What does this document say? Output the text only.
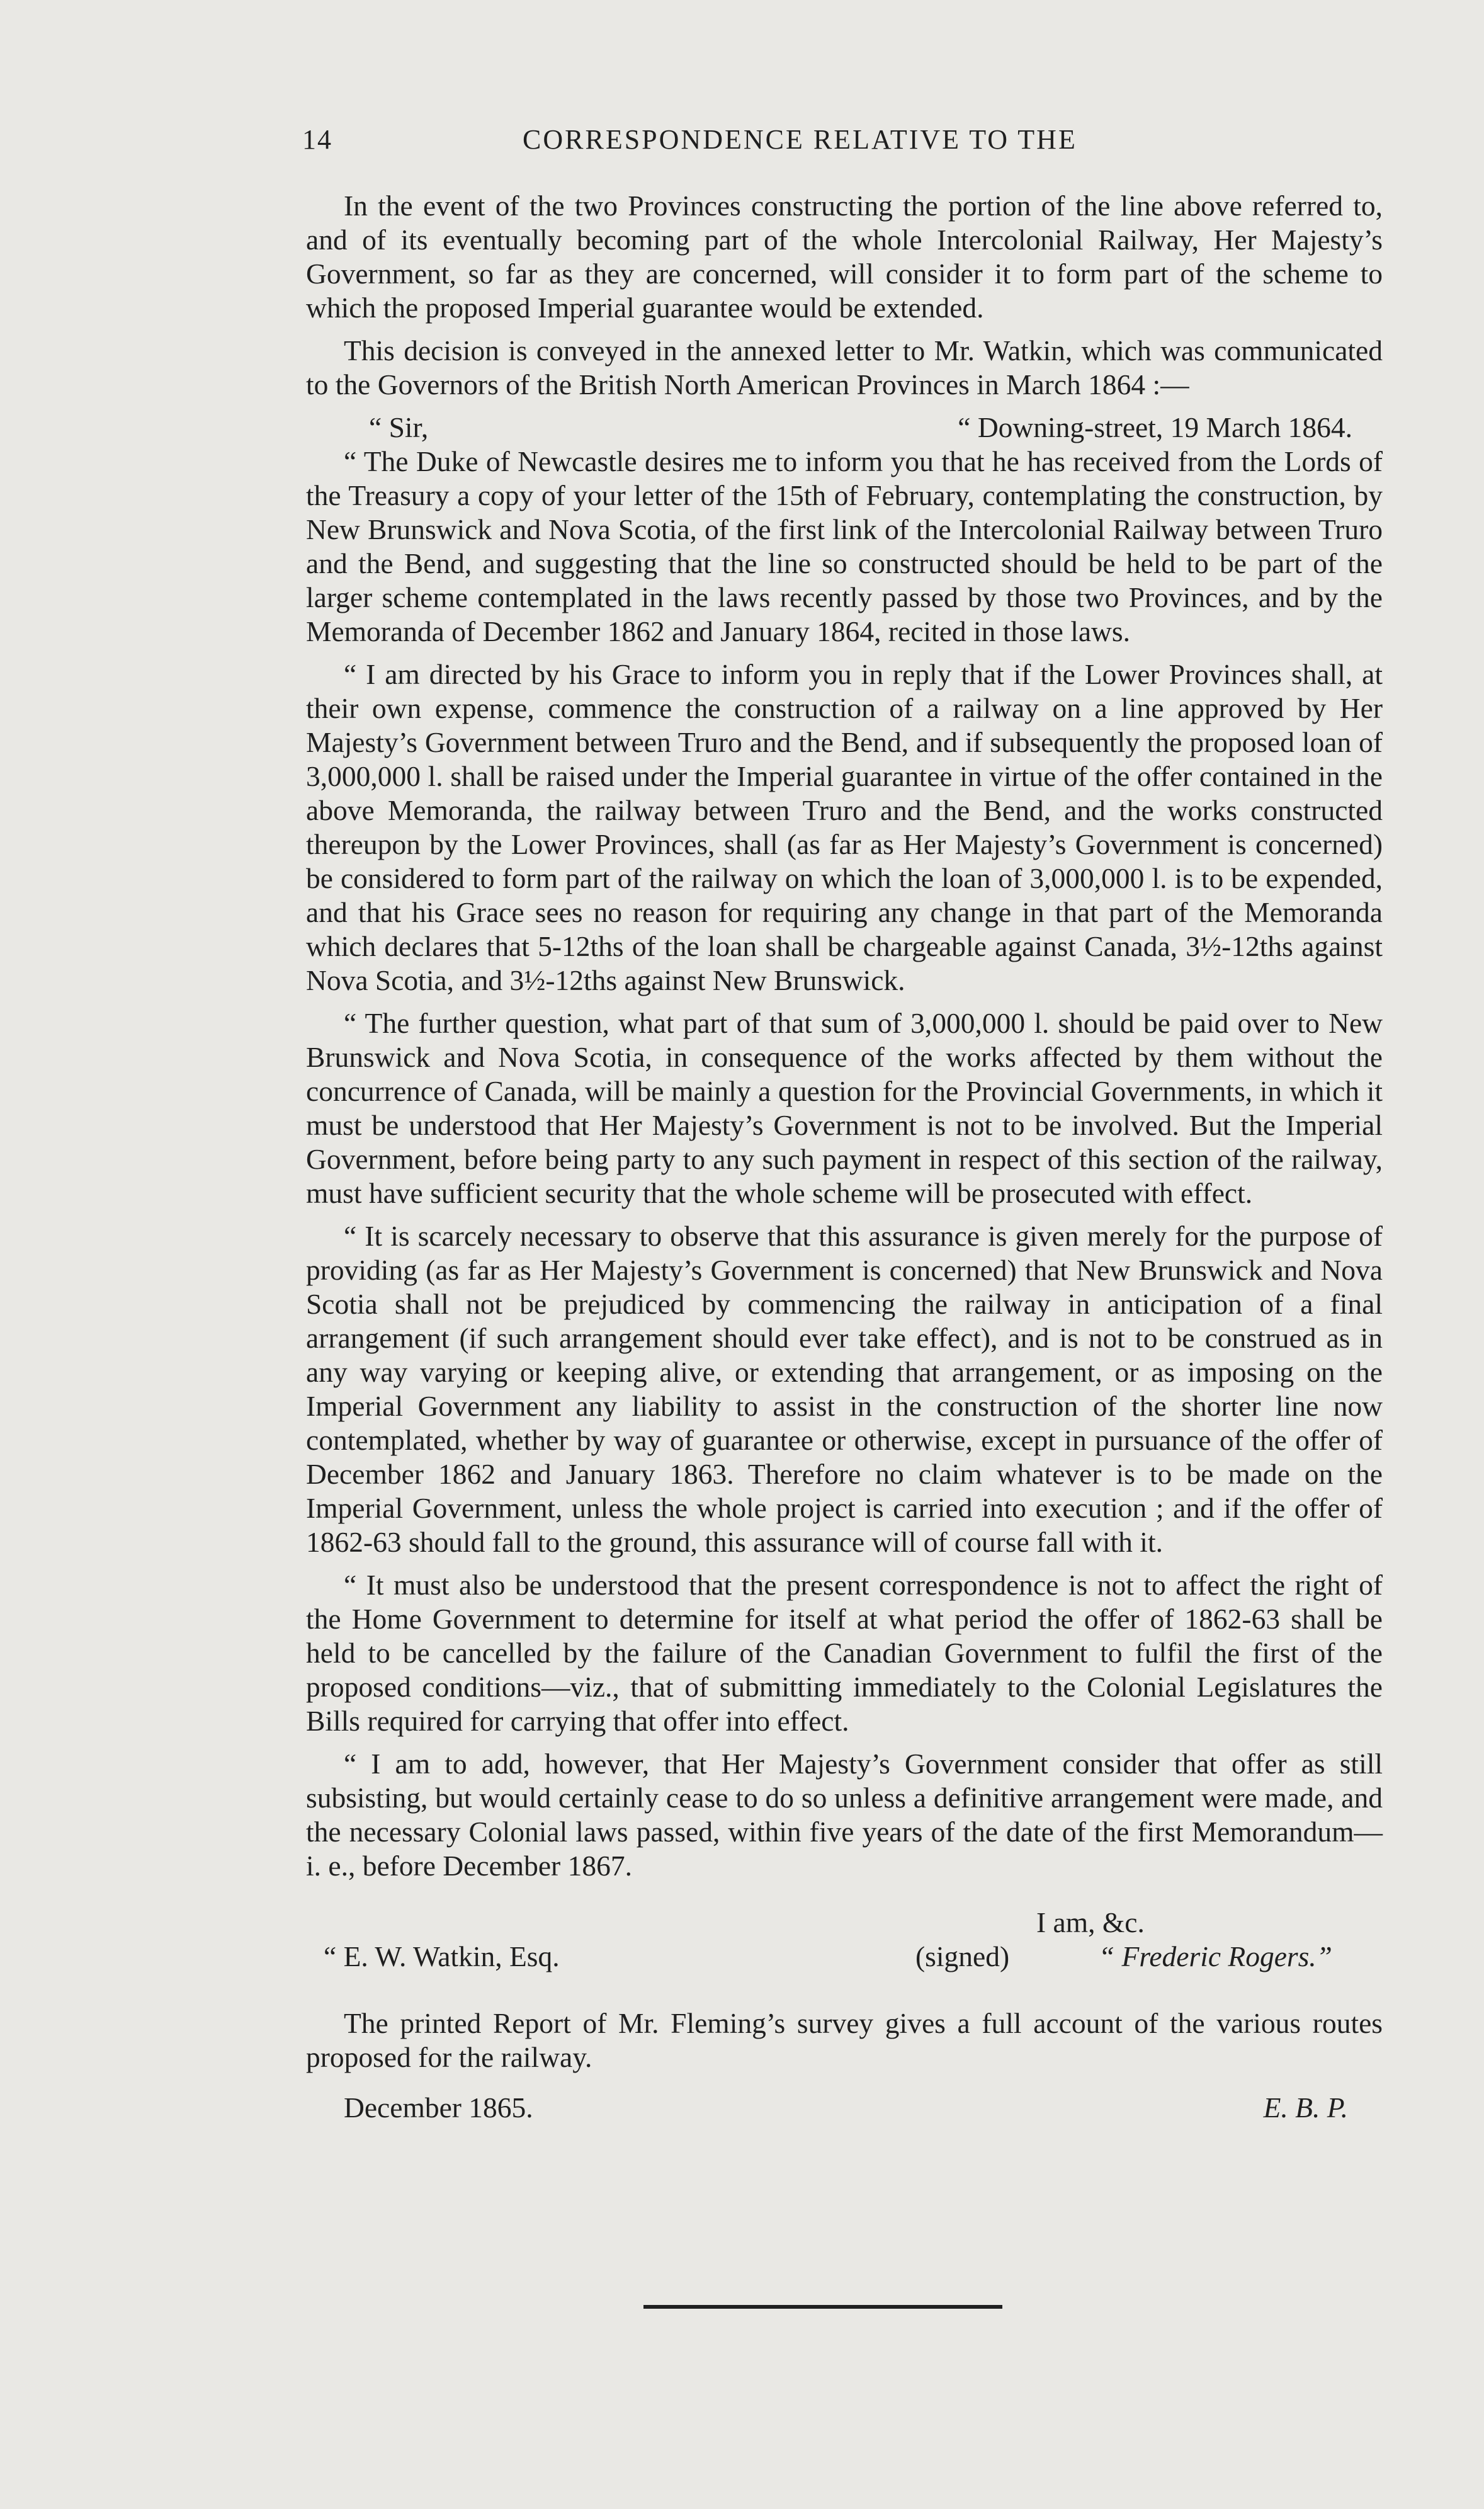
14	CORRESPONDENCE RELATIVE TO THE

In the event of the two Provinces constructing the portion of the line above referred to, and of its eventually becoming part of the whole Intercolonial Railway, Her Majesty’s Government, so far as they are concerned, will consider it to form part of the scheme to which the proposed Imperial guarantee would be extended.

This decision is conveyed in the annexed letter to Mr. Watkin, which was communicated to the Governors of the British North American Provinces in March 1864 :—

“ Sir,	“ Downing-street, 19 March 1864.

“ The Duke of Newcastle desires me to inform you that he has received from the Lords of the Treasury a copy of your letter of the 15th of February, contemplating the construction, by New Brunswick and Nova Scotia, of the first link of the Intercolonial Railway between Truro and the Bend, and suggesting that the line so constructed should be held to be part of the larger scheme contemplated in the laws recently passed by those two Provinces, and by the Memoranda of December 1862 and January 1864, recited in those laws.

“ I am directed by his Grace to inform you in reply that if the Lower Provinces shall, at their own expense, commence the construction of a railway on a line approved by Her Majesty’s Government between Truro and the Bend, and if subsequently the proposed loan of 3,000,000 l. shall be raised under the Imperial guarantee in virtue of the offer contained in the above Memoranda, the railway between Truro and the Bend, and the works constructed thereupon by the Lower Provinces, shall (as far as Her Majesty’s Government is concerned) be considered to form part of the railway on which the loan of 3,000,000 l. is to be expended, and that his Grace sees no reason for requiring any change in that part of the Memoranda which declares that 5-12ths of the loan shall be chargeable against Canada, 3½-12ths against Nova Scotia, and 3½-12ths against New Brunswick.

“ The further question, what part of that sum of 3,000,000 l. should be paid over to New Brunswick and Nova Scotia, in consequence of the works affected by them without the concurrence of Canada, will be mainly a question for the Provincial Governments, in which it must be understood that Her Majesty’s Government is not to be involved. But the Imperial Government, before being party to any such payment in respect of this section of the railway, must have sufficient security that the whole scheme will be prosecuted with effect.

“ It is scarcely necessary to observe that this assurance is given merely for the purpose of providing (as far as Her Majesty’s Government is concerned) that New Brunswick and Nova Scotia shall not be prejudiced by commencing the railway in anticipation of a final arrangement (if such arrangement should ever take effect), and is not to be construed as in any way varying or keeping alive, or extending that arrangement, or as imposing on the Imperial Government any liability to assist in the construction of the shorter line now contemplated, whether by way of guarantee or otherwise, except in pursuance of the offer of December 1862 and January 1863. Therefore no claim whatever is to be made on the Imperial Government, unless the whole project is carried into execution ; and if the offer of 1862-63 should fall to the ground, this assurance will of course fall with it.

“ It must also be understood that the present correspondence is not to affect the right of the Home Government to determine for itself at what period the offer of 1862-63 shall be held to be cancelled by the failure of the Canadian Government to fulfil the first of the proposed conditions—viz., that of submitting immediately to the Colonial Legislatures the Bills required for carrying that offer into effect.

“ I am to add, however, that Her Majesty’s Government consider that offer as still subsisting, but would certainly cease to do so unless a definitive arrangement were made, and the necessary Colonial laws passed, within five years of the date of the first Memorandum—i. e., before December 1867.

I am, &c.
“ E. W. Watkin, Esq.	(signed)	“ Frederic Rogers.”

The printed Report of Mr. Fleming’s survey gives a full account of the various routes proposed for the railway.

December 1865.	E. B. P.
